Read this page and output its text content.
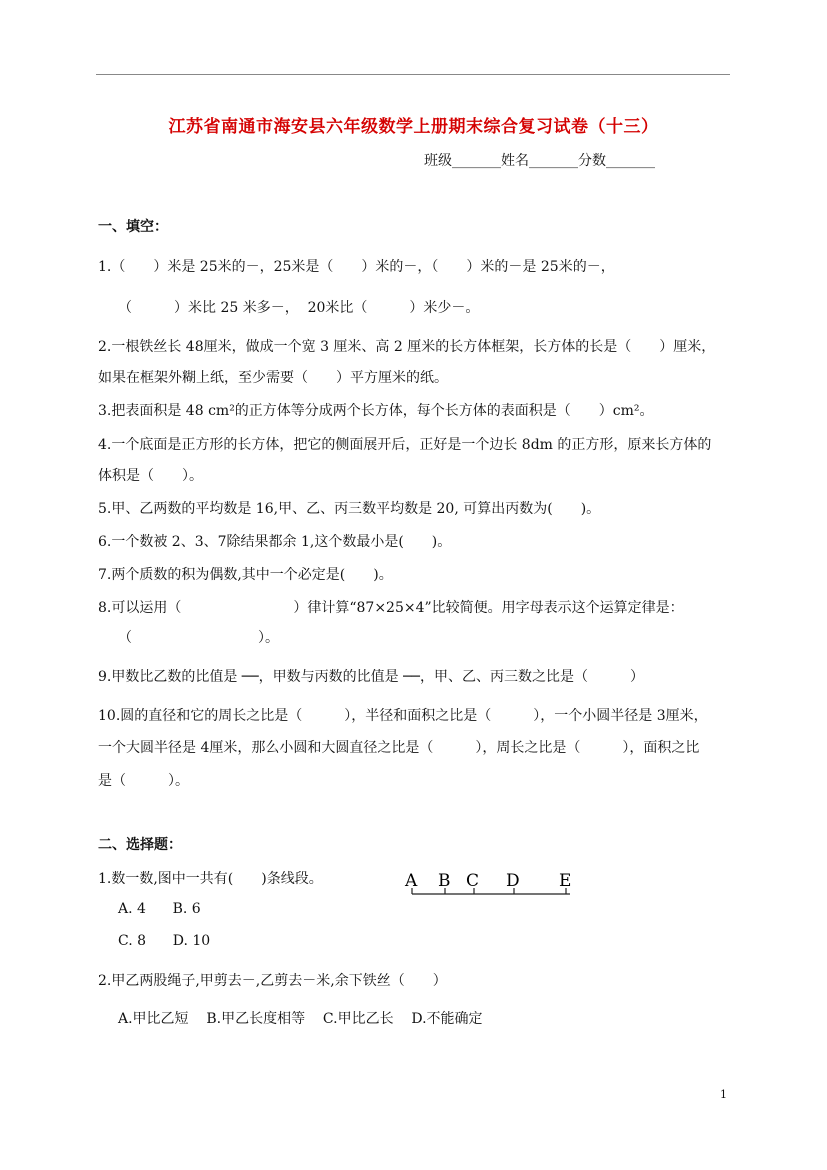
江苏省南通市海安县六年级数学上册期末综合复习试卷（十三）
班级_______姓名_______分数_______
一、填空：
1.（　　）米是 25米的－，25米是（　　）米的－，（　　）米的－是 25米的－，
（　　　）米比 25 米多－，  20米比（　　　）米少－。
2.一根铁丝长 48厘米，做成一个宽 3 厘米、高 2 厘米的长方体框架，长方体的长是（　　）厘米，
如果在框架外糊上纸，至少需要（　　）平方厘米的纸。
3.把表面积是 48 cm²的正方体等分成两个长方体，每个长方体的表面积是（　　）cm²。
4.一个底面是正方形的长方体，把它的侧面展开后，正好是一个边长 8dm 的正方形，原来长方体的
体积是（　　）。
5.甲、乙两数的平均数是 16,甲、乙、丙三数平均数是 20, 可算出丙数为(　　)。
6.一个数被 2、3、7除结果都余 1,这个数最小是(　　)。
7.两个质数的积为偶数,其中一个必定是(　　)。
8.可以运用（　　　　　　　　）律计算“87×25×4”比较简便。用字母表示这个运算定律是：
（　　　　　　　　　）。
9.甲数比乙数的比值是 ──，甲数与丙数的比值是 ──，甲、乙、丙三数之比是（　　　）
10.圆的直径和它的周长之比是（　　　），半径和面积之比是（　　　），一个小圆半径是 3厘米，
一个大圆半径是 4厘米，那么小圆和大圆直径之比是（　　　），周长之比是（　　　），面积之比
是（　　　）。
二、选择题：
1.数一数,图中一共有(　　)条线段。	A B C D E
A. 4      B. 6
C. 8      D. 10
2.甲乙两股绳子,甲剪去－,乙剪去－米,余下铁丝（　　）
A.甲比乙短    B.甲乙长度相等    C.甲比乙长    D.不能确定
1
